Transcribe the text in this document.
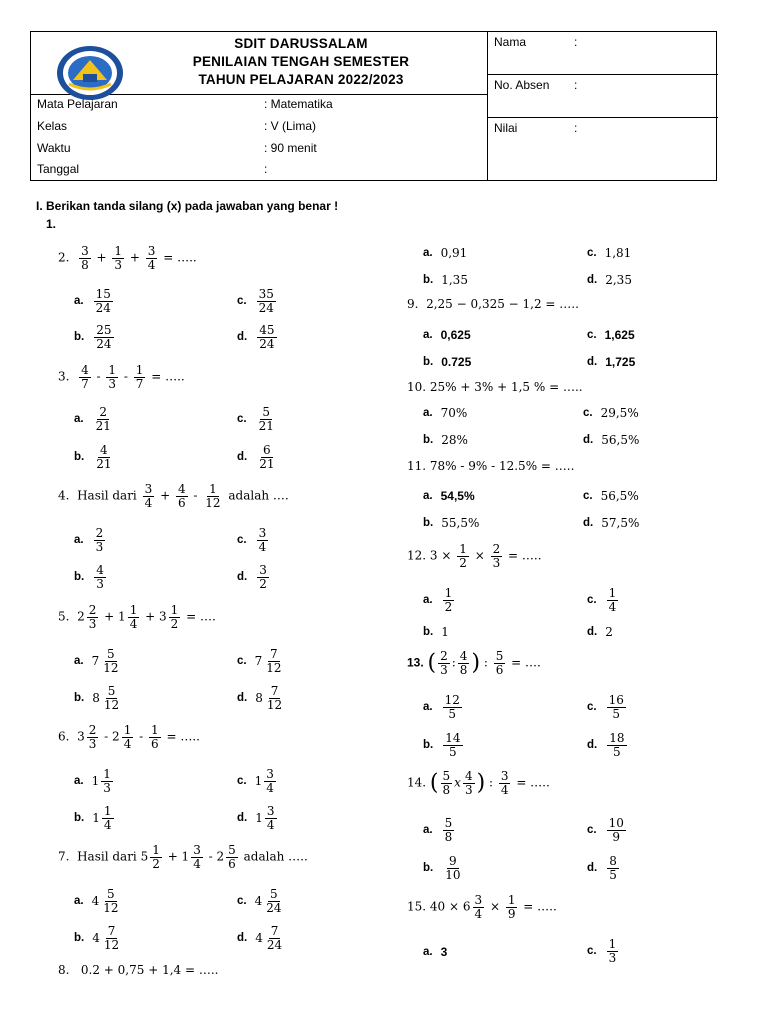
SDIT DARUSSALAM
PENILAIAN TENGAH SEMESTER
TAHUN PELAJARAN 2022/2023
Mata Pelajaran	: Matematika
Kelas	: V (Lima)
Waktu	: 90 menit
Tanggal	:
Nama	:
No. Absen :
Nilai	:
I. Berikan tanda silang (x) pada jawaban yang benar !
1.
2. $\frac{3}{8} + \frac{1}{3} + \frac{3}{4}$ = …..
a. $\frac{15}{24}$	c. $\frac{35}{24}$
b. $\frac{25}{24}$	d. $\frac{45}{24}$
3. $\frac{4}{7} - \frac{1}{3} - \frac{1}{7}$ = …..
a. $\frac{2}{21}$	c. $\frac{5}{21}$
b. $\frac{4}{21}$	d. $\frac{6}{21}$
4. Hasil dari $\frac{3}{4} + \frac{4}{6} - \frac{1}{12}$ adalah ….
a. $\frac{2}{3}$	c. $\frac{3}{4}$
b. $\frac{4}{3}$	d. $\frac{3}{2}$
5.  $2 \frac{2}{3} + 1 \frac{1}{4} + 3 \frac{1}{2}$ = ….
a. $7 \frac{5}{12}$	c. $7 \frac{7}{12}$
b. $8 \frac{5}{12}$	d. $8 \frac{7}{12}$
6.  $3 \frac{2}{3} - 2 \frac{1}{4} - \frac{1}{6}$ = …..
a. $1 \frac{1}{3}$	c. $1 \frac{3}{4}$
b. $1 \frac{1}{4}$	d. $1 \frac{3}{4}$
7. Hasil dari $5 \frac{1}{2} + 1 \frac{3}{4} - 2 \frac{5}{6}$ adalah …..
a. $4 \frac{5}{12}$	c. $4 \frac{5}{24}$
b. $4 \frac{7}{12}$	d. $4 \frac{7}{24}$
8. 0.2 + 0,75 + 1,4 = …..
a. 0,91	c. 1,81
b. 1,35	d. 2,35
9. 2,25 − 0,325 − 1,2 = …..
a. 0,625	c. 1,625
b. 0.725	d. 1,725
10. 25% + 3% + 1,5 % = …..
a. 70%	c. 29,5%
b. 28%	d. 56,5%
11. 78% - 9% - 12.5% = …..
a. 54,5%	c. 56,5%
b. 55,5%	d. 57,5%
12. $3 \times \frac{1}{2} \times \frac{2}{3}$ = …..
a. $\frac{1}{2}$	c. $\frac{1}{4}$
b. 1	d. 2
13. ( $\frac{2}{3}$ : $\frac{4}{8}$ ) : $\frac{5}{6}$ = ….
a. $\frac{12}{5}$	c. $\frac{16}{5}$
b. $\frac{14}{5}$	d. $\frac{18}{5}$
14. ( $\frac{5}{8}$ x $\frac{4}{3}$ ) : $\frac{3}{4}$ = …..
a. $\frac{5}{8}$	c. $\frac{10}{9}$
b. $\frac{9}{10}$	d. $\frac{8}{5}$
15. $40 \times 6 \frac{3}{4} \times \frac{1}{9}$ = …..
a. 3	c. $\frac{1}{3}$
